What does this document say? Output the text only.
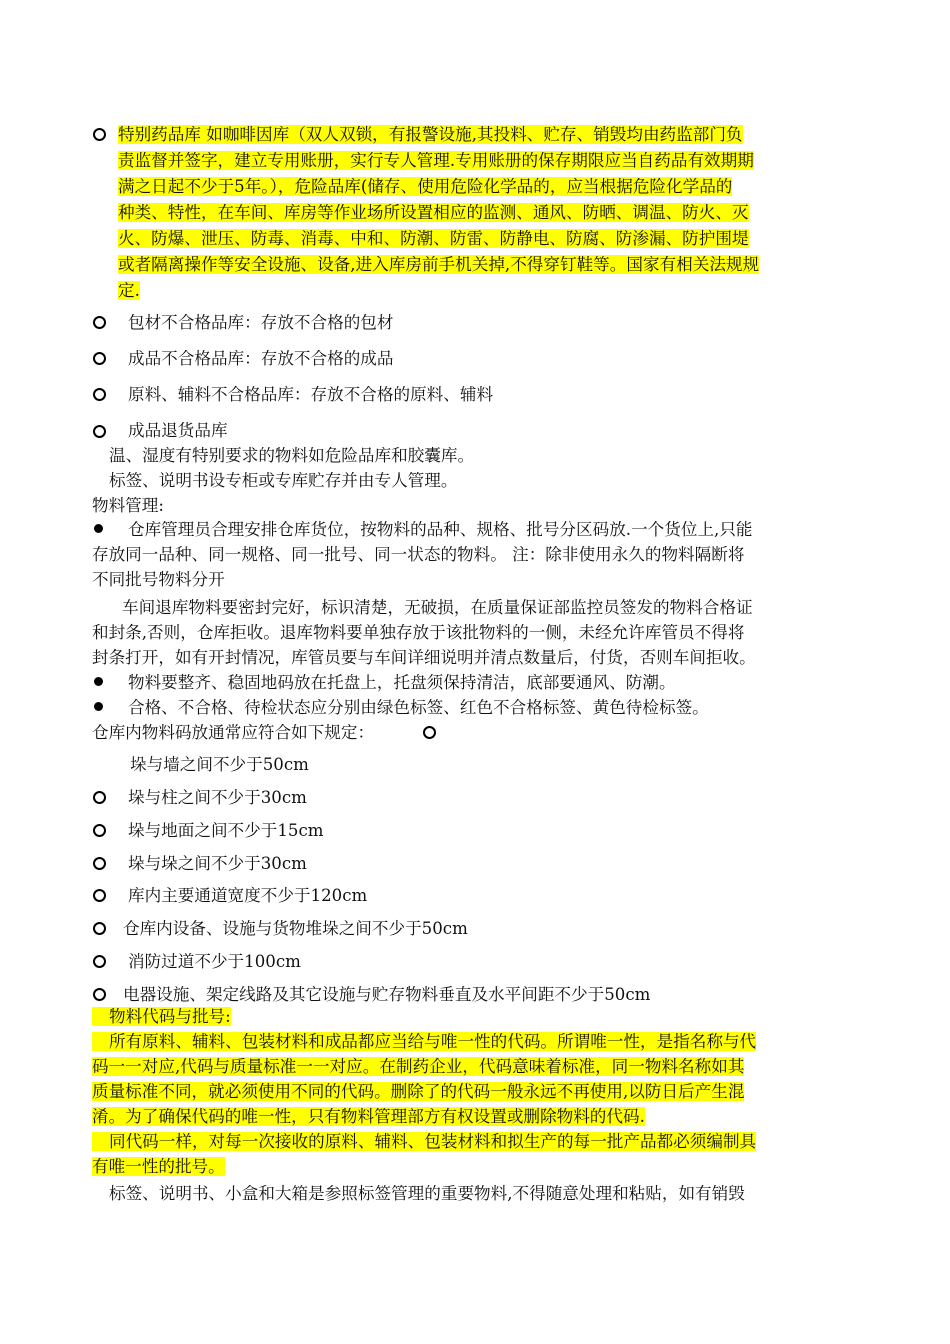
特别药品库 如咖啡因库（双人双锁，有报警设施,其投料、贮存、销毁均由药监部门负
责监督并签字，建立专用账册，实行专人管理.专用账册的保存期限应当自药品有效期期
满之日起不少于5年。），危险品库(储存、使用危险化学品的，应当根据危险化学品的
种类、特性，在车间、库房等作业场所设置相应的监测、通风、防晒、调温、防火、灭
火、防爆、泄压、防毒、消毒、中和、防潮、防雷、防静电、防腐、防渗漏、防护围堤
或者隔离操作等安全设施、设备,进入库房前手机关掉,不得穿钉鞋等。国家有相关法规规
定.
包材不合格品库：存放不合格的包材
成品不合格品库：存放不合格的成品
原料、辅料不合格品库：存放不合格的原料、辅料
成品退货品库
温、湿度有特别要求的物料如危险品库和胶囊库。
标签、说明书设专柜或专库贮存并由专人管理。
物料管理:
仓库管理员合理安排仓库货位，按物料的品种、规格、批号分区码放.一个货位上,只能
存放同一品种、同一规格、同一批号、同一状态的物料。 注：除非使用永久的物料隔断将
不同批号物料分开
车间退库物料要密封完好，标识清楚，无破损，在质量保证部监控员签发的物料合格证
和封条,否则，仓库拒收。退库物料要单独存放于该批物料的一侧，未经允许库管员不得将
封条打开，如有开封情况，库管员要与车间详细说明并清点数量后，付货，否则车间拒收。
物料要整齐、稳固地码放在托盘上，托盘须保持清洁，底部要通风、防潮。
合格、不合格、待检状态应分别由绿色标签、红色不合格标签、黄色待检标签。
仓库内物料码放通常应符合如下规定：
垛与墙之间不少于50cm
垛与柱之间不少于30cm
垛与地面之间不少于15cm
垛与垛之间不少于30cm
库内主要通道宽度不少于120cm
仓库内设备、设施与货物堆垛之间不少于50cm
消防过道不少于100cm
电器设施、架定线路及其它设施与贮存物料垂直及水平间距不少于50cm
物料代码与批号:
所有原料、辅料、包装材料和成品都应当给与唯一性的代码。所谓唯一性，是指名称与代
码一一对应,代码与质量标准一一对应。在制药企业，代码意味着标准，同一物料名称如其
质量标准不同，就必须使用不同的代码。删除了的代码一般永远不再使用,以防日后产生混
淆。为了确保代码的唯一性，只有物料管理部方有权设置或删除物料的代码.
同代码一样，对每一次接收的原料、辅料、包装材料和拟生产的每一批产品都必须编制具
有唯一性的批号。
标签、说明书、小盒和大箱是参照标签管理的重要物料,不得随意处理和粘贴，如有销毁
